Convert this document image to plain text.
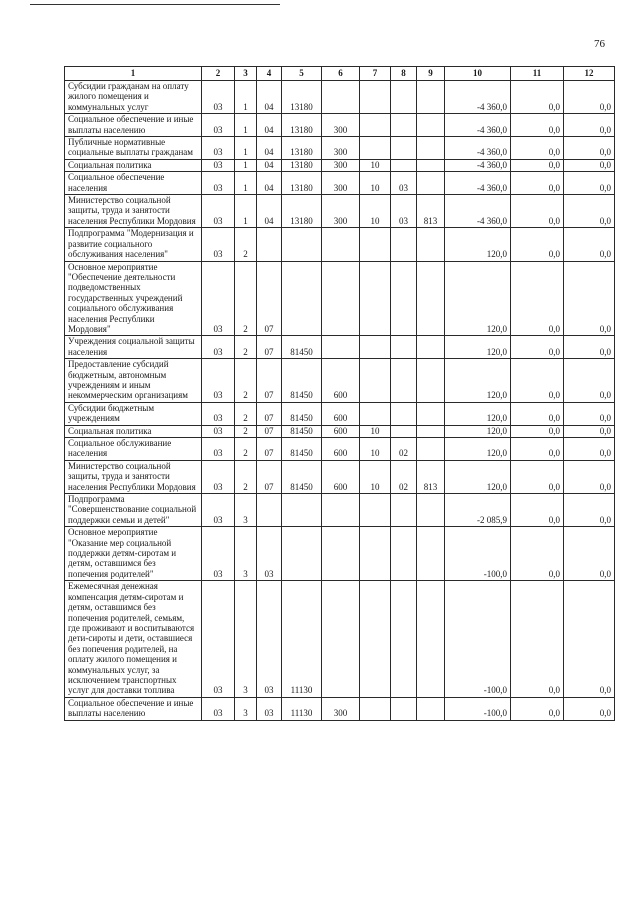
76
1	2	3	4	5	6	7	8	9	10	11	12
Субсидии гражданам на оплату жилого помещения и коммунальных услуг	03	1	04	13180					-4 360,0	0,0	0,0
Социальное обеспечение и иные выплаты населению	03	1	04	13180	300				-4 360,0	0,0	0,0
Публичные нормативные социальные выплаты гражданам	03	1	04	13180	300				-4 360,0	0,0	0,0
Социальная политика	03	1	04	13180	300	10			-4 360,0	0,0	0,0
Социальное обеспечение населения	03	1	04	13180	300	10	03		-4 360,0	0,0	0,0
Министерство социальной защиты, труда и занятости населения Республики Мордовия	03	1	04	13180	300	10	03	813	-4 360,0	0,0	0,0
Подпрограмма "Модернизация и развитие социального обслуживания населения"	03	2							120,0	0,0	0,0
Основное мероприятие "Обеспечение деятельности подведомственных государственных учреждений социального обслуживания населения Республики Мордовия"	03	2	07						120,0	0,0	0,0
Учреждения социальной защиты населения	03	2	07	81450					120,0	0,0	0,0
Предоставление субсидий бюджетным, автономным учреждениям и иным некоммерческим организациям	03	2	07	81450	600				120,0	0,0	0,0
Субсидии бюджетным учреждениям	03	2	07	81450	600				120,0	0,0	0,0
Социальная политика	03	2	07	81450	600	10			120,0	0,0	0,0
Социальное обслуживание населения	03	2	07	81450	600	10	02		120,0	0,0	0,0
Министерство социальной защиты, труда и занятости населения Республики Мордовия	03	2	07	81450	600	10	02	813	120,0	0,0	0,0
Подпрограмма "Совершенствование социальной поддержки семьи и детей"	03	3							-2 085,9	0,0	0,0
Основное мероприятие "Оказание мер социальной поддержки детям-сиротам и детям, оставшимся без попечения родителей"	03	3	03						-100,0	0,0	0,0
Ежемесячная денежная компенсация детям-сиротам и детям, оставшимся без попечения родителей, семьям, где проживают и воспитываются дети-сироты и дети, оставшиеся без попечения родителей, на оплату жилого помещения и коммунальных услуг, за исключением транспортных услуг для доставки топлива	03	3	03	11130					-100,0	0,0	0,0
Социальное обеспечение и иные выплаты населению	03	3	03	11130	300				-100,0	0,0	0,0
